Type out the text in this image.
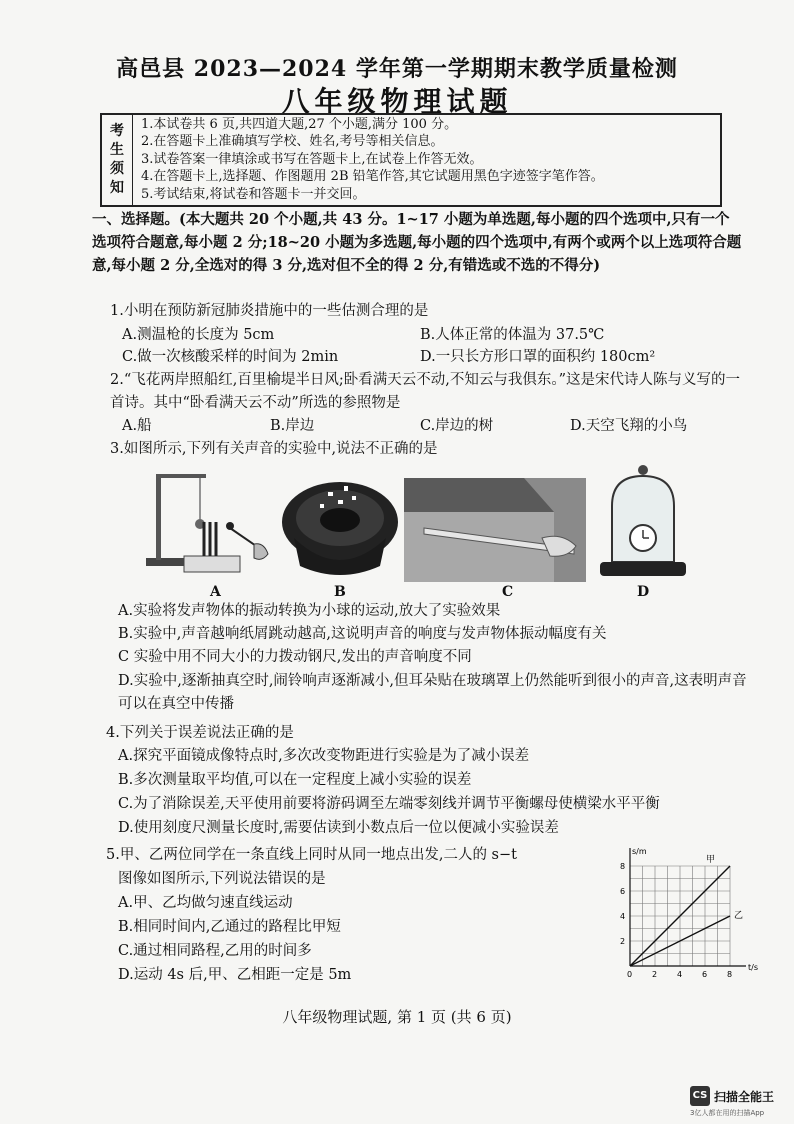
高邑县 2023—2024 学年第一学期期末教学质量检测
八年级物理试题
考
生
须
知
1.本试卷共 6 页,共四道大题,27 个小题,满分 100 分。
2.在答题卡上准确填写学校、姓名,考号等相关信息。
3.试卷答案一律填涂或书写在答题卡上,在试卷上作答无效。
4.在答题卡上,选择题、作图题用 2B 铅笔作答,其它试题用黑色字迹签字笔作答。
5.考试结束,将试卷和答题卡一并交回。
一、选择题。(本大题共 20 个小题,共 43 分。1~17 小题为单选题,每小题的四个选项中,只有一个选项符合题意,每小题 2 分;18~20 小题为多选题,每小题的四个选项中,有两个或两个以上选项符合题意,每小题 2 分,全选对的得 3 分,选对但不全的得 2 分,有错选或不选的不得分)
1.小明在预防新冠肺炎措施中的一些估测合理的是
A.测温枪的长度为 5cm	B.人体正常的体温为 37.5℃
C.做一次核酸采样的时间为 2min	D.一只长方形口罩的面积约 180cm²
2.“飞花两岸照船红,百里榆堤半日风;卧看满天云不动,不知云与我俱东。”这是宋代诗人陈与义写的一首诗。其中“卧看满天云不动”所选的参照物是
A.船	B.岸边	C.岸边的树	D.天空飞翔的小鸟
3.如图所示,下列有关声音的实验中,说法不正确的是
A	B	C	D
A.实验将发声物体的振动转换为小球的运动,放大了实验效果
B.实验中,声音越响纸屑跳动越高,这说明声音的响度与发声物体振动幅度有关
C 实验中用不同大小的力拨动钢尺,发出的声音响度不同
D.实验中,逐渐抽真空时,闹铃响声逐渐减小,但耳朵贴在玻璃罩上仍然能听到很小的声音,这表明声音可以在真空中传播
4.下列关于误差说法正确的是
A.探究平面镜成像特点时,多次改变物距进行实验是为了减小误差
B.多次测量取平均值,可以在一定程度上减小实验的误差
C.为了消除误差,天平使用前要将游码调至左端零刻线并调节平衡螺母使横梁水平平衡
D.使用刻度尺测量长度时,需要估读到小数点后一位以便减小实验误差
5.甲、乙两位同学在一条直线上同时从同一地点出发,二人的 s−t
图像如图所示,下列说法错误的是
A.甲、乙均做匀速直线运动
B.相同时间内,乙通过的路程比甲短
C.通过相同路程,乙用的时间多
D.运动 4s 后,甲、乙相距一定是 5m	t/s
s/m
0 2 4 6 8
2
4
6
8
甲
乙
八年级物理试题, 第 1 页 (共 6 页)
CS 扫描全能王
3亿人都在用的扫描App
